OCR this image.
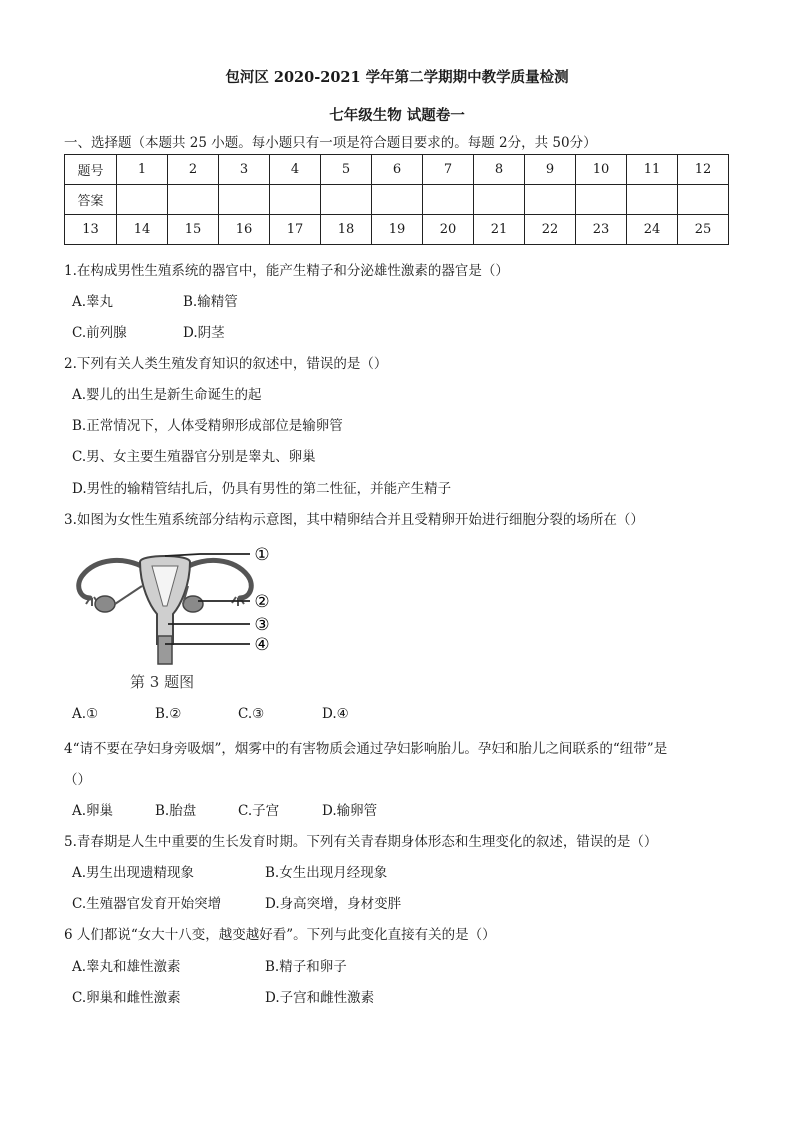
包河区 2020-2021 学年第二学期期中教学质量检测
七年级生物 试题卷一
一、选择题（本题共 25 小题。每小题只有一项是符合题目要求的。每题 2分，共 50分）
题号	1	2	3	4	5	6	7	8	9	10	11	12
答案												
13	14	15	16	17	18	19	20	21	22	23	24	25
1.在构成男性生殖系统的器官中，能产生精子和分泌雄性激素的器官是（）
A.睾丸	B.输精管
C.前列腺	D.阴茎
2.下列有关人类生殖发育知识的叙述中，错误的是（）
A.婴儿的出生是新生命诞生的起
B.正常情况下，人体受精卵形成部位是输卵管
C.男、女主要生殖器官分别是睾丸、卵巢
D.男性的输精管结扎后，仍具有男性的第二性征，并能产生精子
3.如图为女性生殖系统部分结构示意图，其中精卵结合并且受精卵开始进行细胞分裂的场所在（）
①
②
③
④
第 3 题图
A.①	B.②	C.③	D.④
4“请不要在孕妇身旁吸烟”，烟雾中的有害物质会通过孕妇影响胎儿。孕妇和胎儿之间联系的“纽带”是
（）
A.卵巢	B.胎盘	C.子宫	D.输卵管
5.青春期是人生中重要的生长发育时期。下列有关青春期身体形态和生理变化的叙述，错误的是（）
A.男生出现遗精现象	B.女生出现月经现象
C.生殖器官发育开始突增	D.身高突增，身材变胖
6 人们都说“女大十八变，越变越好看”。下列与此变化直接有关的是（）
A.睾丸和雄性激素	B.精子和卵子
C.卵巢和雌性激素	D.子宫和雌性激素
